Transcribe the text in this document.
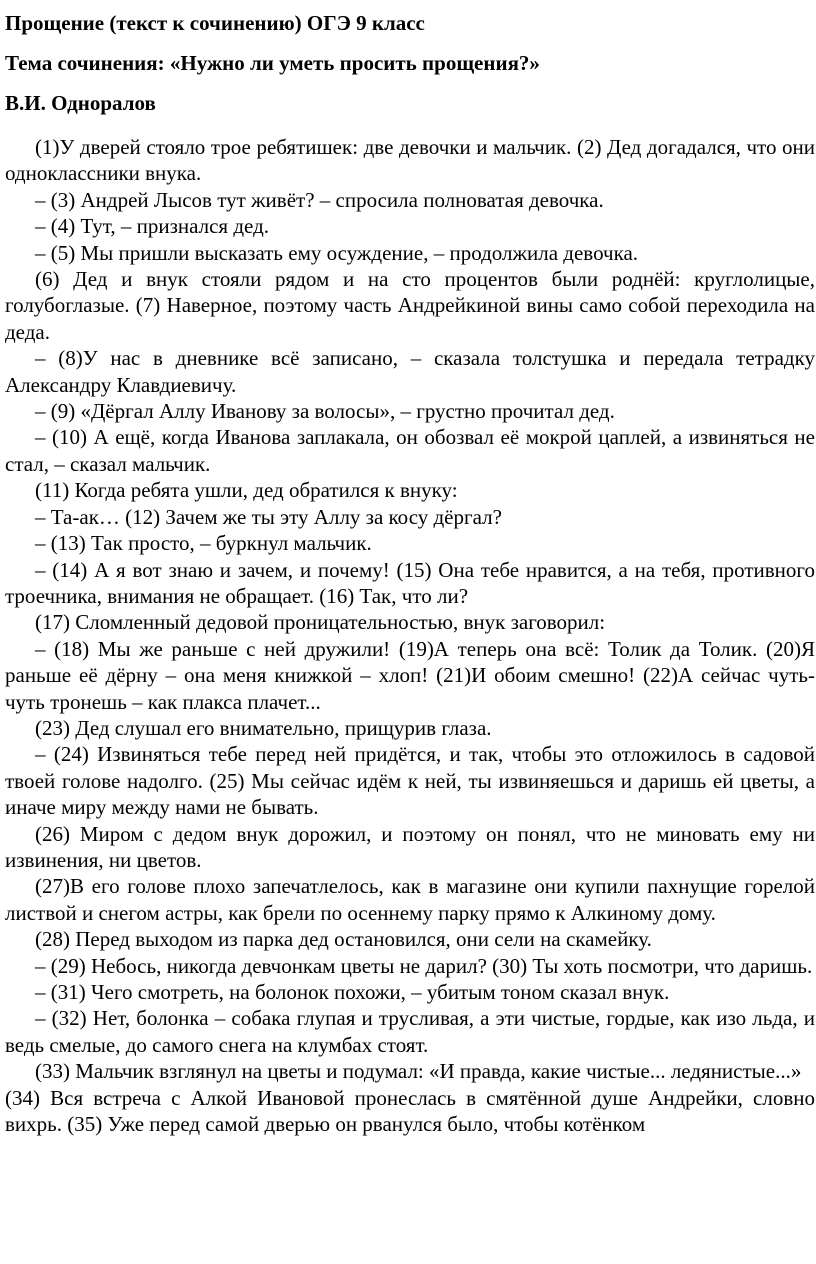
Прощение (текст к сочинению) ОГЭ 9 класс
Тема сочинения: «Нужно ли уметь просить прощения?»
В.И. Одноралов

(1)У дверей стояло трое ребятишек: две девочки и мальчик. (2) Дед догадался, что они одноклассники внука.

– (3) Андрей Лысов тут живёт? – спросила полноватая девочка.

– (4) Тут, – признался дед.

– (5) Мы пришли высказать ему осуждение, – продолжила девочка.

(6) Дед и внук стояли рядом и на сто процентов были роднёй: круглолицые, голубоглазые. (7) Наверное, поэтому часть Андрейкиной вины само собой переходила на деда.

– (8)У нас в дневнике всё записано, – сказала толстушка и передала тетрадку Александру Клавдиевичу.

– (9) «Дёргал Аллу Иванову за волосы», – грустно прочитал дед.

– (10) А ещё, когда Иванова заплакала, он обозвал её мокрой цаплей, а извиняться не стал, – сказал мальчик.

(11) Когда ребята ушли, дед обратился к внуку:

– Та-ак… (12) Зачем же ты эту Аллу за косу дёргал?

– (13) Так просто, – буркнул мальчик.

– (14) А я вот знаю и зачем, и почему! (15) Она тебе нравится, а на тебя, противного троечника, внимания не обращает. (16) Так, что ли?

(17) Сломленный дедовой проницательностью, внук заговорил:

– (18) Мы же раньше с ней дружили! (19)А теперь она всё: Толик да Толик. (20)Я раньше её дёрну – она меня книжкой – хлоп! (21)И обоим смешно! (22)А сейчас чуть-чуть тронешь – как плакса плачет...

(23) Дед слушал его внимательно, прищурив глаза.

– (24) Извиняться тебе перед ней придётся, и так, чтобы это отложилось в садовой твоей голове надолго. (25) Мы сейчас идём к ней, ты извиняешься и даришь ей цветы, а иначе миру между нами не бывать.

(26) Миром с дедом внук дорожил, и поэтому он понял, что не миновать ему ни извинения, ни цветов.

(27)В его голове плохо запечатлелось, как в магазине они купили пахнущие горелой листвой и снегом астры, как брели по осеннему парку прямо к Алкиному дому.

(28) Перед выходом из парка дед остановился, они сели на скамейку.

– (29) Небось, никогда девчонкам цветы не дарил? (30) Ты хоть посмотри, что даришь.

– (31) Чего смотреть, на болонок похожи, – убитым тоном сказал внук.

– (32) Нет, болонка – собака глупая и трусливая, а эти чистые, гордые, как изо льда, и ведь смелые, до самого снега на клумбах стоят.

(33) Мальчик взглянул на цветы и подумал: «И правда, какие чистые... ледянистые...»

(34) Вся встреча с Алкой Ивановой пронеслась в смятённой душе Андрейки, словно вихрь. (35) Уже перед самой дверью он рванулся было, чтобы котёнком
